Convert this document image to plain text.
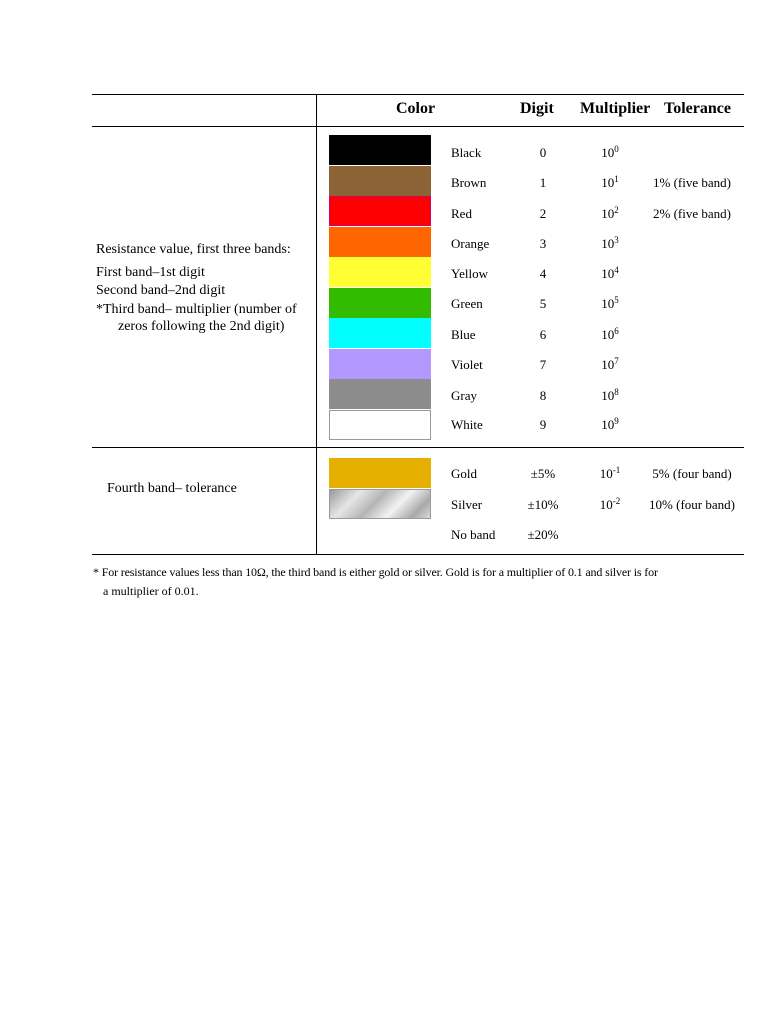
Color	Digit Multiplier Tolerance
Resistance value, first three bands:
First band–1st digit
Second band–2nd digit
*Third band– multiplier (number of
zeros following the 2nd digit)
Fourth band– tolerance
Black	0	$10^0$
Brown	1	$10^1$	1% (five band)
Red	2	$10^2$	2% (five band)
Orange	3	$10^3$
Yellow	4	$10^4$
Green	5	$10^5$
Blue	6	$10^6$
Violet	7	$10^7$
Gray	8	$10^8$
White	9	$10^9$
Gold	±5%	$10^{-1}$	5% (four band)
Silver	±10%	$10^{-2}$	10% (four band)
No band	±20%
* For resistance values less than 10Ω, the third band is either gold or silver. Gold is for a multiplier of 0.1 and silver is for
a multiplier of 0.01.
